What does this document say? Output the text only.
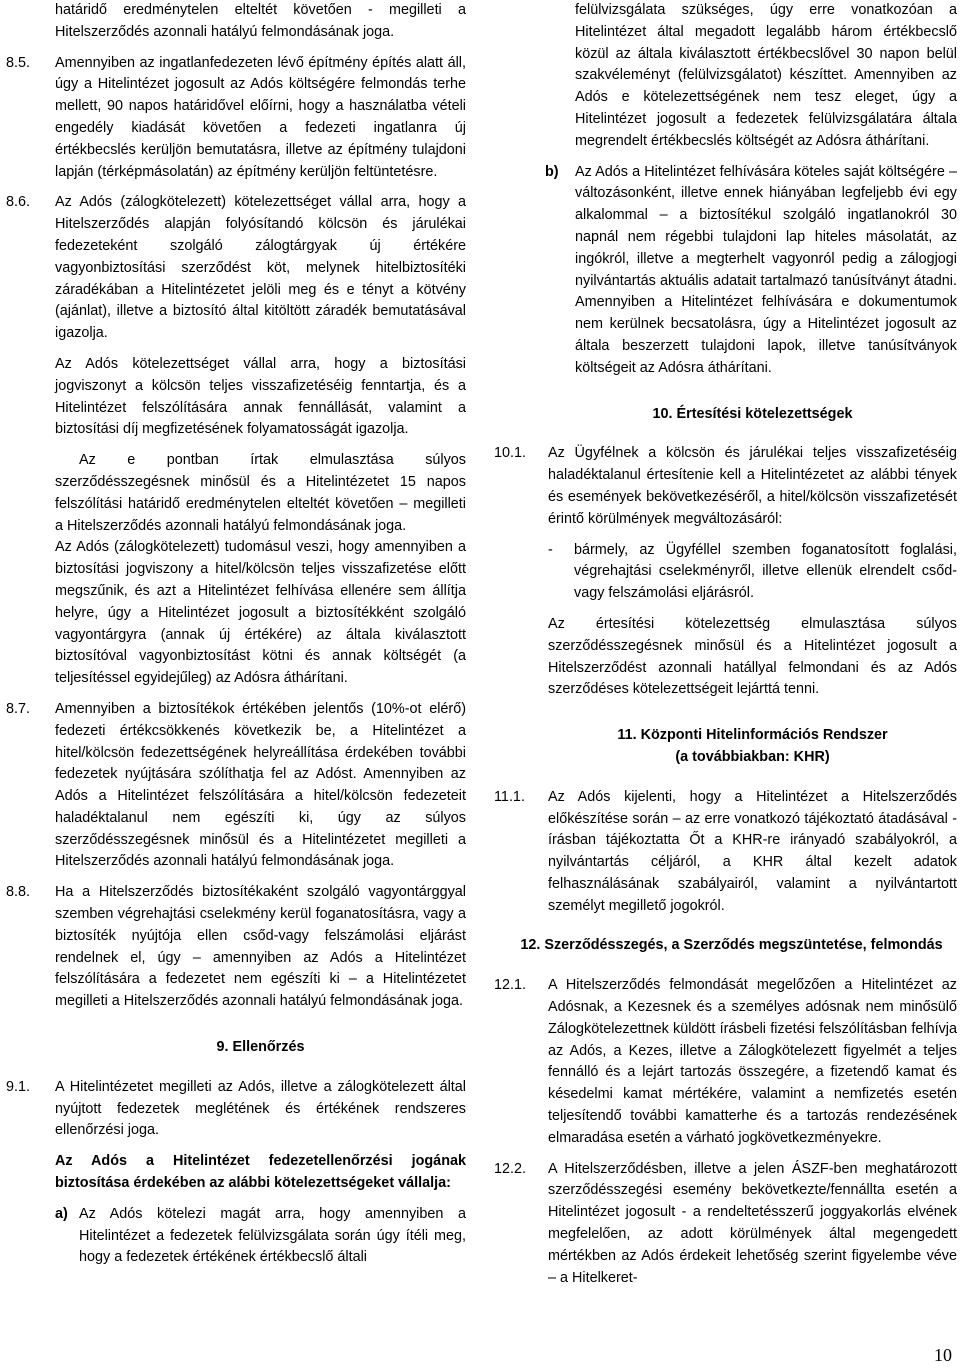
határidő eredménytelen elteltét követően - megilleti a Hitelszerződés azonnali hatályú felmondásának joga.
8.5.	Amennyiben az ingatlanfedezeten lévő építmény építés alatt áll, úgy a Hitelintézet jogosult az Adós költségére felmondás terhe mellett, 90 napos határidővel előírni, hogy a használatba vételi engedély kiadását követően a fedezeti ingatlanra új értékbecslés kerüljön bemutatásra, illetve az építmény tulajdoni lapján (térképmásolatán) az építmény kerüljön feltüntetésre.
8.6.	Az Adós (zálogkötelezett) kötelezettséget vállal arra, hogy a Hitelszerződés alapján folyósítandó kölcsön és járulékai fedezeteként szolgáló zálogtárgyak új értékére vagyonbiztosítási szerződést köt, melynek hitelbiztosítéki záradékában a Hitelintézetet jelöli meg és e tényt a kötvény (ajánlat), illetve a biztosító által kitöltött záradék bemutatásával igazolja.
Az Adós kötelezettséget vállal arra, hogy a biztosítási jogviszonyt a kölcsön teljes visszafizetéséig fenntartja, és a Hitelintézet felszólítására annak fennállását, valamint a biztosítási díj megfizetésének folyamatosságát igazolja.
Az e pontban írtak elmulasztása súlyos szerződésszegésnek minősül és a Hitelintézetet 15 napos felszólítási határidő eredménytelen elteltét követően – megilleti a Hitelszerződés azonnali hatályú felmondásának joga.
Az Adós (zálogkötelezett) tudomásul veszi, hogy amennyiben a biztosítási jogviszony a hitel/kölcsön teljes visszafizetése előtt megszűnik, és azt a Hitelintézet felhívása ellenére sem állítja helyre, úgy a Hitelintézet jogosult a biztosítékként szolgáló vagyontárgyra (annak új értékére) az általa kiválasztott biztosítóval vagyonbiztosítást kötni és annak költségét (a teljesítéssel egyidejűleg) az Adósra áthárítani.
8.7.	Amennyiben a biztosítékok értékében jelentős (10%-ot elérő) fedezeti értékcsökkenés következik be, a Hitelintézet a hitel/kölcsön fedezettségének helyreállítása érdekében további fedezetek nyújtására szólíthatja fel az Adóst. Amennyiben az Adós a Hitelintézet felszólítására a hitel/kölcsön fedezeteit haladéktalanul nem egészíti ki, úgy az súlyos szerződésszegésnek minősül és a Hitelintézetet megilleti a Hitelszerződés azonnali hatályú felmondásának joga.
8.8.	Ha a Hitelszerződés biztosítékaként szolgáló vagyontárggyal szemben végrehajtási cselekmény kerül foganatosításra, vagy a biztosíték nyújtója ellen csőd-vagy felszámolási eljárást rendelnek el, úgy – amennyiben az Adós a Hitelintézet felszólítására a fedezetet nem egészíti ki – a Hitelintézetet megilleti a Hitelszerződés azonnali hatályú felmondásának joga.
9. Ellenőrzés
9.1.	A Hitelintézetet megilleti az Adós, illetve a zálogkötelezett által nyújtott fedezetek meglétének és értékének rendszeres ellenőrzési joga.
Az Adós a Hitelintézet fedezetellenőrzési jogának biztosítása érdekében az alábbi kötelezettségeket vállalja:
a) Az Adós kötelezi magát arra, hogy amennyiben a Hitelintézet a fedezetek felülvizsgálata során úgy ítéli meg, hogy a fedezetek értékének értékbecslő általi
felülvizsgálata szükséges, úgy erre vonatkozóan a Hitelintézet által megadott legalább három értékbecslő közül az általa kiválasztott értékbecslővel 30 napon belül szakvéleményt (felülvizsgálatot) készíttet. Amennyiben az Adós e kötelezettségének nem tesz eleget, úgy a Hitelintézet jogosult a fedezetek felülvizsgálatára általa megrendelt értékbecslés költségét az Adósra áthárítani.
b)	Az Adós a Hitelintézet felhívására köteles saját költségére – változásonként, illetve ennek hiányában legfeljebb évi egy alkalommal – a biztosítékul szolgáló ingatlanokról 30 napnál nem régebbi tulajdoni lap hiteles másolatát, az ingókról, illetve a megterhelt vagyonról pedig a zálogjogi nyilvántartás aktuális adatait tartalmazó tanúsítványt átadni. Amennyiben a Hitelintézet felhívására e dokumentumok nem kerülnek becsatolásra, úgy a Hitelintézet jogosult az általa beszerzett tulajdoni lapok, illetve tanúsítványok költségeit az Adósra áthárítani.
10. Értesítési kötelezettségek
10.1.	Az Ügyfélnek a kölcsön és járulékai teljes visszafizetéséig haladéktalanul értesítenie kell a Hitelintézetet az alábbi tények és események bekövetkezéséről, a hitel/kölcsön visszafizetését érintő körülmények megváltozásáról:
-	bármely, az Ügyféllel szemben foganatosított foglalási, végrehajtási cselekményről, illetve ellenük elrendelt csőd- vagy felszámolási eljárásról.
Az értesítési kötelezettség elmulasztása súlyos szerződésszegésnek minősül és a Hitelintézet jogosult a Hitelszerződést azonnali hatállyal felmondani és az Adós szerződéses kötelezettségeit lejárttá tenni.
11. Központi Hitelinformációs Rendszer
(a továbbiakban: KHR)
11.1.	Az Adós kijelenti, hogy a Hitelintézet a Hitelszerződés előkészítése során – az erre vonatkozó tájékoztató átadásával - írásban tájékoztatta Őt a KHR-re irányadó szabályokról, a nyilvántartás céljáról, a KHR által kezelt adatok felhasználásának szabályairól, valamint a nyilvántartott személyt megillető jogokról.
12. Szerződésszegés, a Szerződés megszüntetése, felmondás
12.1.	A Hitelszerződés felmondását megelőzően a Hitelintézet az Adósnak, a Kezesnek és a személyes adósnak nem minősülő Zálogkötelezettnek küldött írásbeli fizetési felszólításban felhívja az Adós, a Kezes, illetve a Zálogkötelezett figyelmét a teljes fennálló és a lejárt tartozás összegére, a fizetendő kamat és késedelmi kamat mértékére, valamint a nemfizetés esetén teljesítendő további kamatterhe és a tartozás rendezésének elmaradása esetén a várható jogkövetkezményekre.
12.2.	A Hitelszerződésben, illetve a jelen ÁSZF-ben meghatározott szerződésszegési esemény bekövetkezte/fennállta esetén a Hitelintézet jogosult - a rendeltetésszerű joggyakorlás elvének megfelelően, az adott körülmények által megengedett mértékben az Adós érdekeit lehetőség szerint figyelembe véve – a Hitelkeret-
10
